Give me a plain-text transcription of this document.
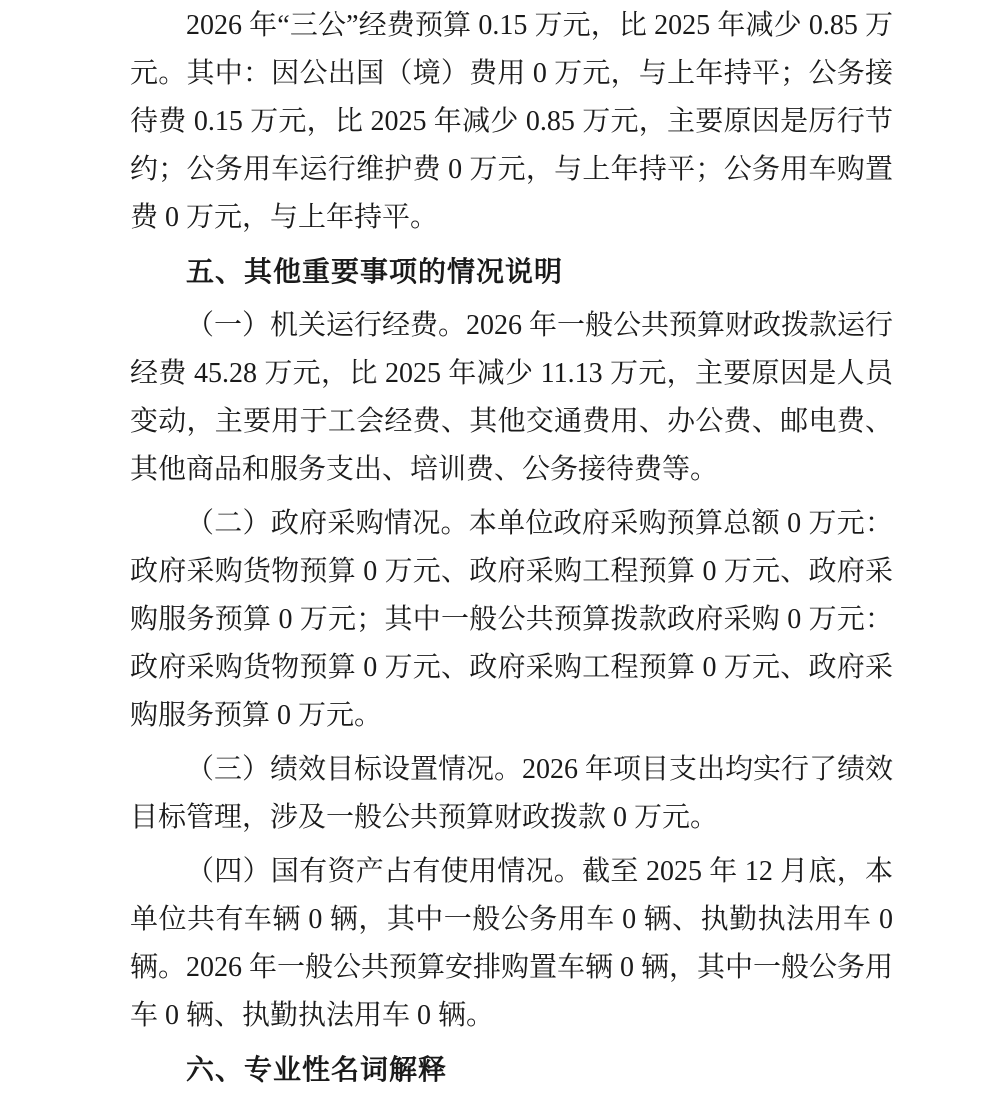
2026 年“三公”经费预算 0.15 万元，比 2025 年减少 0.85 万元。其中：因公出国（境）费用 0 万元，与上年持平；公务接待费 0.15 万元，比 2025 年减少 0.85 万元，主要原因是厉行节约；公务用车运行维护费 0 万元，与上年持平；公务用车购置费 0 万元，与上年持平。

五、其他重要事项的情况说明

（一）机关运行经费。2026 年一般公共预算财政拨款运行经费 45.28 万元，比 2025 年减少 11.13 万元，主要原因是人员变动，主要用于工会经费、其他交通费用、办公费、邮电费、其他商品和服务支出、培训费、公务接待费等。

（二）政府采购情况。本单位政府采购预算总额 0 万元：政府采购货物预算 0 万元、政府采购工程预算 0 万元、政府采购服务预算 0 万元；其中一般公共预算拨款政府采购 0 万元：政府采购货物预算 0 万元、政府采购工程预算 0 万元、政府采购服务预算 0 万元。

（三）绩效目标设置情况。2026 年项目支出均实行了绩效目标管理，涉及一般公共预算财政拨款 0 万元。

（四）国有资产占有使用情况。截至 2025 年 12 月底，本单位共有车辆 0 辆，其中一般公务用车 0 辆、执勤执法用车 0 辆。2026 年一般公共预算安排购置车辆 0 辆，其中一般公务用车 0 辆、执勤执法用车 0 辆。

六、专业性名词解释
